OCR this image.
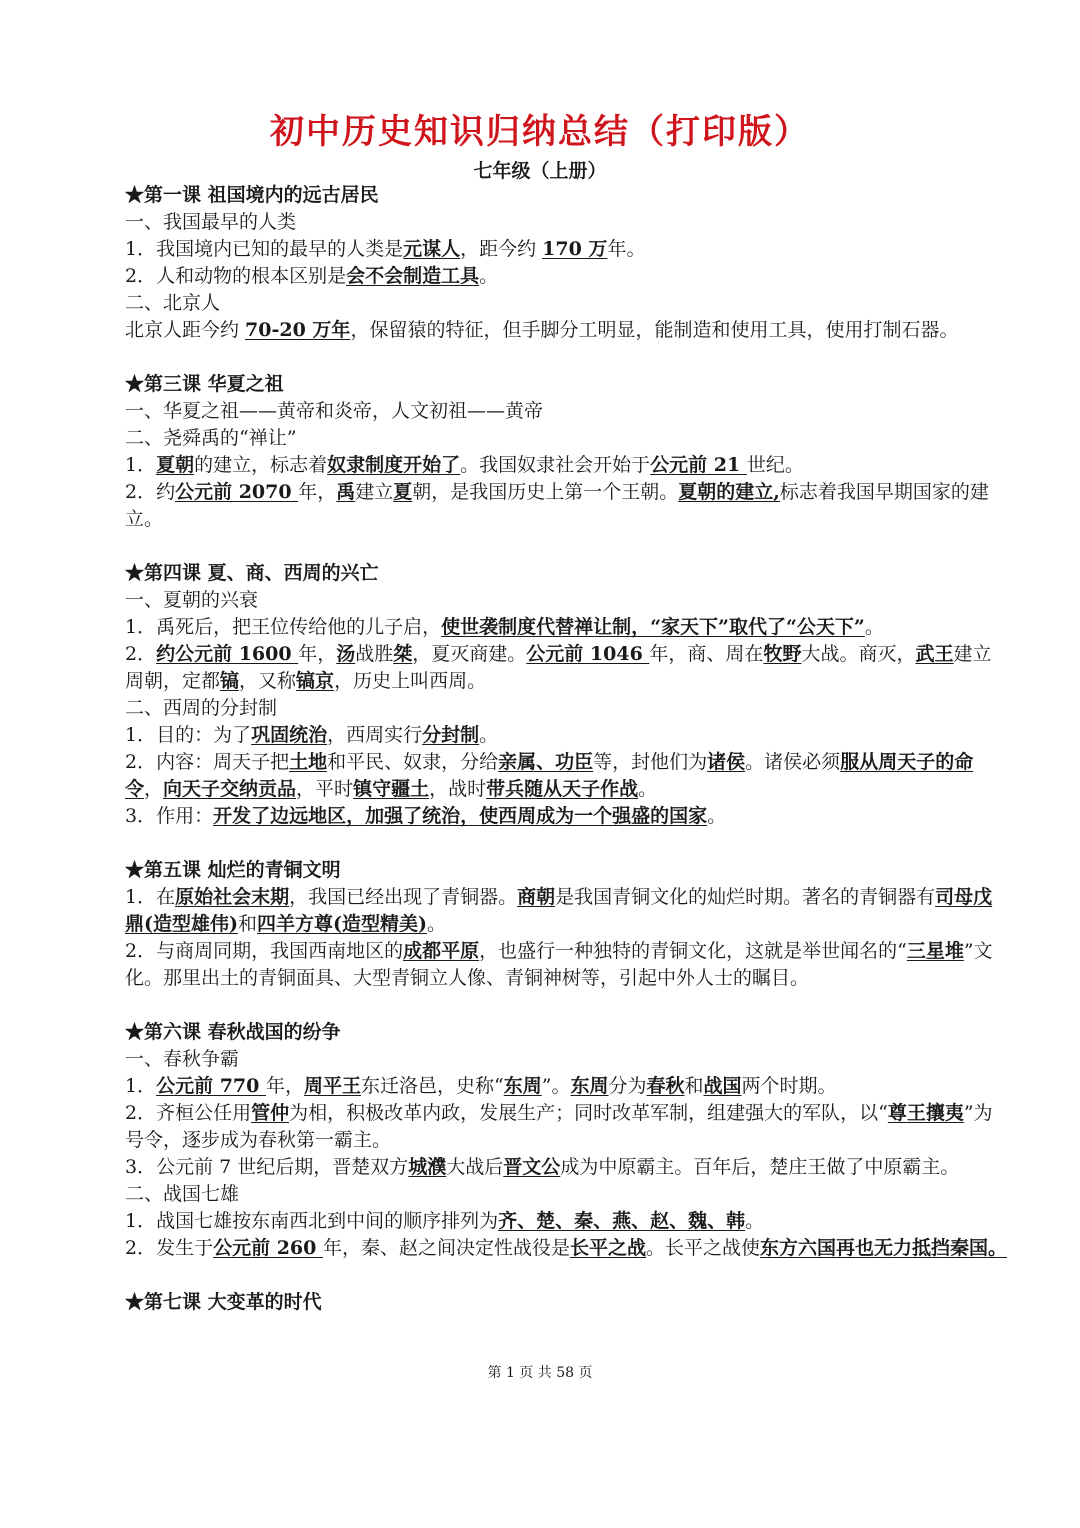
初中历史知识归纳总结（打印版）
七年级（上册）
★第一课 祖国境内的远古居民
一、我国最早的人类
1．我国境内已知的最早的人类是元谋人，距今约 170 万年。
2．人和动物的根本区别是会不会制造工具。
二、北京人
北京人距今约 70-20 万年，保留猿的特征，但手脚分工明显，能制造和使用工具，使用打制石器。
★第三课 华夏之祖
一、华夏之祖——黄帝和炎帝，人文初祖——黄帝
二、尧舜禹的“禅让”
1．夏朝的建立，标志着奴隶制度开始了。我国奴隶社会开始于公元前 21 世纪。
2．约公元前 2070 年，禹建立夏朝，是我国历史上第一个王朝。夏朝的建立,标志着我国早期国家的建立。
★第四课 夏、商、西周的兴亡
一、夏朝的兴衰
1．禹死后，把王位传给他的儿子启，使世袭制度代替禅让制，“家天下”取代了“公天下”。
2．约公元前 1600 年，汤战胜桀，夏灭商建。公元前 1046 年，商、周在牧野大战。商灭，武王建立周朝，定都镐，又称镐京，历史上叫西周。
二、西周的分封制
1．目的：为了巩固统治，西周实行分封制。
2．内容：周天子把土地和平民、奴隶，分给亲属、功臣等，封他们为诸侯。诸侯必须服从周天子的命令，向天子交纳贡品，平时镇守疆土，战时带兵随从天子作战。
3．作用：开发了边远地区，加强了统治，使西周成为一个强盛的国家。
★第五课 灿烂的青铜文明
1．在原始社会末期，我国已经出现了青铜器。商朝是我国青铜文化的灿烂时期。著名的青铜器有司母戊鼎(造型雄伟)和四羊方尊(造型精美)。
2．与商周同期，我国西南地区的成都平原，也盛行一种独特的青铜文化，这就是举世闻名的“三星堆”文化。那里出土的青铜面具、大型青铜立人像、青铜神树等，引起中外人士的瞩目。
★第六课 春秋战国的纷争
一、春秋争霸
1．公元前 770 年，周平王东迁洛邑，史称“东周”。东周分为春秋和战国两个时期。
2．齐桓公任用管仲为相，积极改革内政，发展生产；同时改革军制，组建强大的军队，以“尊王攘夷”为号令，逐步成为春秋第一霸主。
3．公元前 7 世纪后期，晋楚双方城濮大战后晋文公成为中原霸主。百年后，楚庄王做了中原霸主。
二、战国七雄
1．战国七雄按东南西北到中间的顺序排列为齐、楚、秦、燕、赵、魏、韩。
2．发生于公元前 260 年，秦、赵之间决定性战役是长平之战。长平之战使东方六国再也无力抵挡秦国。
★第七课 大变革的时代
第 1 页 共 58 页
